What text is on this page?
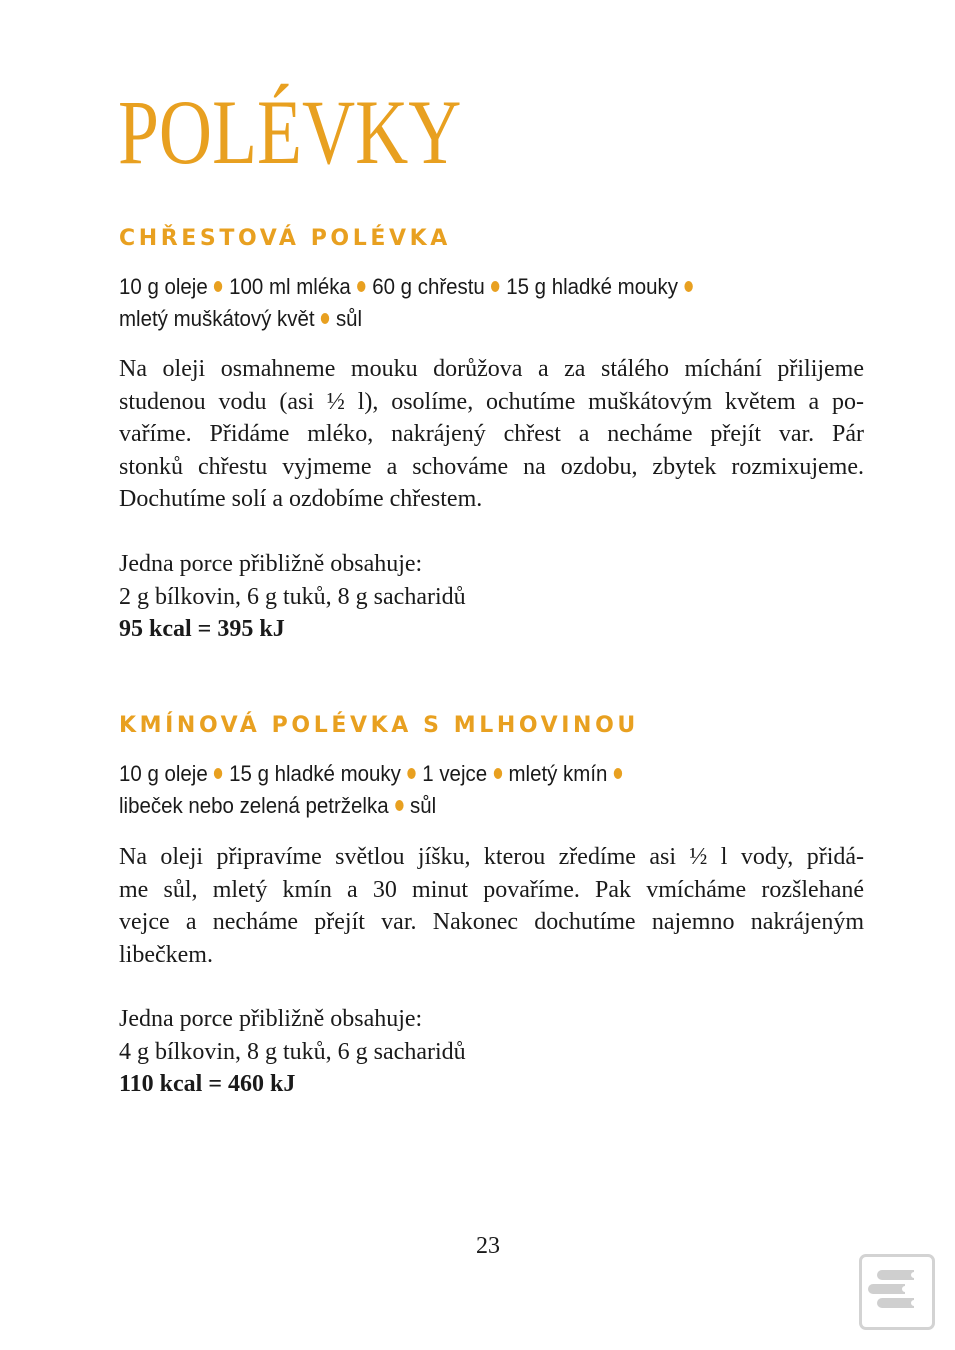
POLÉVKY
CHŘESTOVÁ POLÉVKA
10 g oleje 100 ml mléka 60 g chřestu 15 g hladké mouky
mletý muškátový květ sůl
Na oleji osmahneme mouku dorůžova a za stálého míchání přilijeme
studenou vodu (asi ½ l), osolíme, ochutíme muškátovým květem a po-
vaříme. Přidáme mléko, nakrájený chřest a necháme přejít var. Pár
stonků chřestu vyjmeme a schováme na ozdobu, zbytek rozmixujeme.
Dochutíme solí a ozdobíme chřestem.
Jedna porce přibližně obsahuje:
2 g bílkovin, 6 g tuků, 8 g sacharidů
95 kcal = 395 kJ
KMÍNOVÁ POLÉVKA S MLHOVINOU
10 g oleje 15 g hladké mouky 1 vejce mletý kmín
libeček nebo zelená petrželka sůl
Na oleji připravíme světlou jíšku, kterou zředíme asi ½ l vody, přidá-
me sůl, mletý kmín a 30 minut povaříme. Pak vmícháme rozšlehané
vejce a necháme přejít var. Nakonec dochutíme najemno nakrájeným
libečkem.
Jedna porce přibližně obsahuje:
4 g bílkovin, 8 g tuků, 6 g sacharidů
110 kcal = 460 kJ
23
